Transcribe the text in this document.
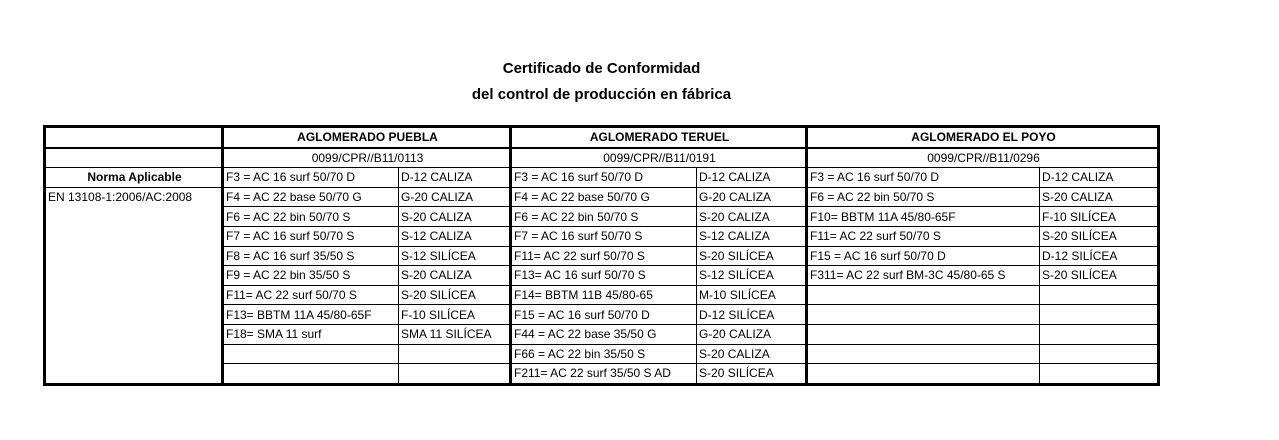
Certificado de Conformidad
del control de producción en fábrica
	AGLOMERADO PUEBLA		AGLOMERADO TERUEL		AGLOMERADO EL POYO	
	0099/CPR//B11/0113		0099/CPR//B11/0191		0099/CPR//B11/0296	
Norma Aplicable	F3 = AC 16 surf 50/70 D	D-12 CALIZA	F3 = AC 16 surf 50/70 D	D-12 CALIZA	F3 = AC 16 surf 50/70 D	D-12 CALIZA
EN 13108-1:2006/AC:2008	F4 = AC 22 base 50/70 G	G-20 CALIZA	F4 = AC 22 base 50/70 G	G-20 CALIZA	F6 = AC 22 bin 50/70 S	S-20 CALIZA
	F6 = AC 22 bin 50/70 S	S-20 CALIZA	F6 = AC 22 bin 50/70 S	S-20 CALIZA	F10= BBTM 11A 45/80-65F	F-10 SILÍCEA
	F7 = AC 16 surf 50/70 S	S-12 CALIZA	F7 = AC 16 surf 50/70 S	S-12 CALIZA	F11= AC 22 surf 50/70 S	S-20 SILÍCEA
	F8 = AC 16 surf 35/50 S	S-12 SILÍCEA	F11= AC 22 surf 50/70 S	S-20 SILÍCEA	F15 = AC 16 surf 50/70 D	D-12 SILÍCEA
	F9 = AC 22 bin 35/50 S	S-20 CALIZA	F13= AC 16 surf 50/70 S	S-12 SILÍCEA	F311= AC 22 surf BM-3C 45/80-65 S	S-20 SILÍCEA
	F11= AC 22 surf 50/70 S	S-20 SILÍCEA	F14= BBTM 11B 45/80-65	M-10 SILÍCEA		
	F13= BBTM 11A 45/80-65F	F-10 SILÍCEA	F15 = AC 16 surf 50/70 D	D-12 SILÍCEA		
	F18= SMA 11 surf	SMA 11 SILÍCEA	F44 = AC 22 base 35/50 G	G-20 CALIZA		
			F66 = AC 22 bin 35/50 S	S-20 CALIZA		
			F211= AC 22 surf 35/50 S AD	S-20 SILÍCEA		
